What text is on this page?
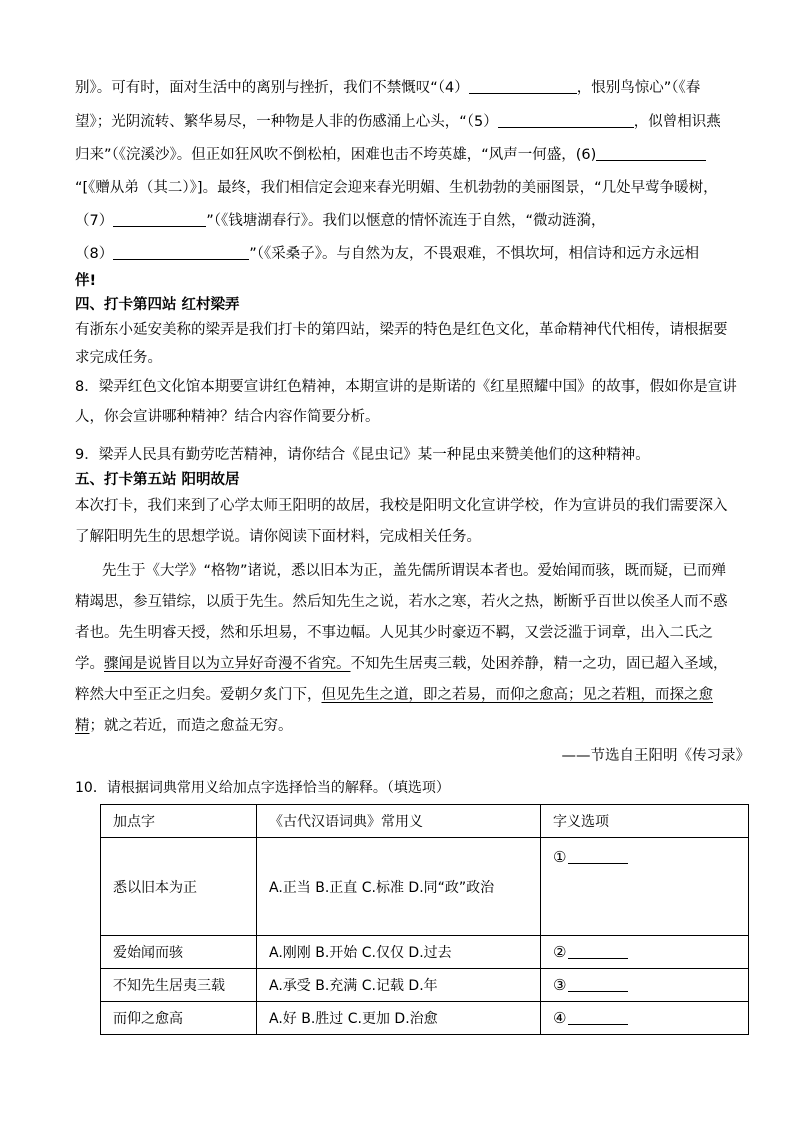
别》。可有时，面对生活中的离别与挫折，我们不禁慨叹“（4）	，恨别鸟惊心”（《春
望》；光阴流转、繁华易尽，一种物是人非的伤感涌上心头，“（5）	，似曾相识燕
归来”（《浣溪沙》。但正如狂风吹不倒松柏，困难也击不垮英雄，“风声一何盛，(6)
“[《赠从弟（其二）》]。最终，我们相信定会迎来春光明媚、生机勃勃的美丽图景，“几处早莺争暖树，
（7）	”（《钱塘湖春行》。我们以惬意的情怀流连于自然，“微动涟漪，
（8）	”（《采桑子》。与自然为友，不畏艰难，不惧坎坷，相信诗和远方永远相
伴!
四、打卡第四站 红村梁弄
有浙东小延安美称的梁弄是我们打卡的第四站，梁弄的特色是红色文化，革命精神代代相传，请根据要
求完成任务。
8．梁弄红色文化馆本期要宣讲红色精神，本期宣讲的是斯诺的《红星照耀中国》的故事，假如你是宣讲
人，你会宣讲哪种精神？结合内容作简要分析。
9．梁弄人民具有勤劳吃苦精神，请你结合《昆虫记》某一种昆虫来赞美他们的这种精神。
五、打卡第五站 阳明故居
本次打卡，我们来到了心学太师王阳明的故居，我校是阳明文化宣讲学校，作为宣讲员的我们需要深入
了解阳明先生的思想学说。请你阅读下面材料，完成相关任务。
先生于《大学》“格物”诸说，悉以旧本为正，盖先儒所谓误本者也。爱始闻而骇，既而疑，已而殚
精竭思，参互错综，以质于先生。然后知先生之说，若水之寒，若火之热，断断乎百世以俟圣人而不惑
者也。先生明睿天授，然和乐坦易，不事边幅。人见其少时豪迈不羁，又尝泛滥于词章，出入二氏之
学。骤闻是说皆目以为立异好奇漫不省究。不知先生居夷三载，处困养静，精一之功，固已超入圣域，
粹然大中至正之归矣。爱朝夕炙门下，但见先生之道，即之若易，而仰之愈高；见之若粗，而探之愈
精；就之若近，而造之愈益无穷。
——节选自王阳明《传习录》
10．请根据词典常用义给加点字选择恰当的解释。（填选项）
加点字	《古代汉语词典》常用义	字义选项
悉以旧本为正	A.正当 B.正直 C.标准 D.同“政”政治	①
爱始闻而骇	A.刚刚 B.开始 C.仅仅 D.过去	②
不知先生居夷三载	A.承受 B.充满 C.记载 D.年	③
而仰之愈高	A.好 B.胜过 C.更加 D.治愈	④
